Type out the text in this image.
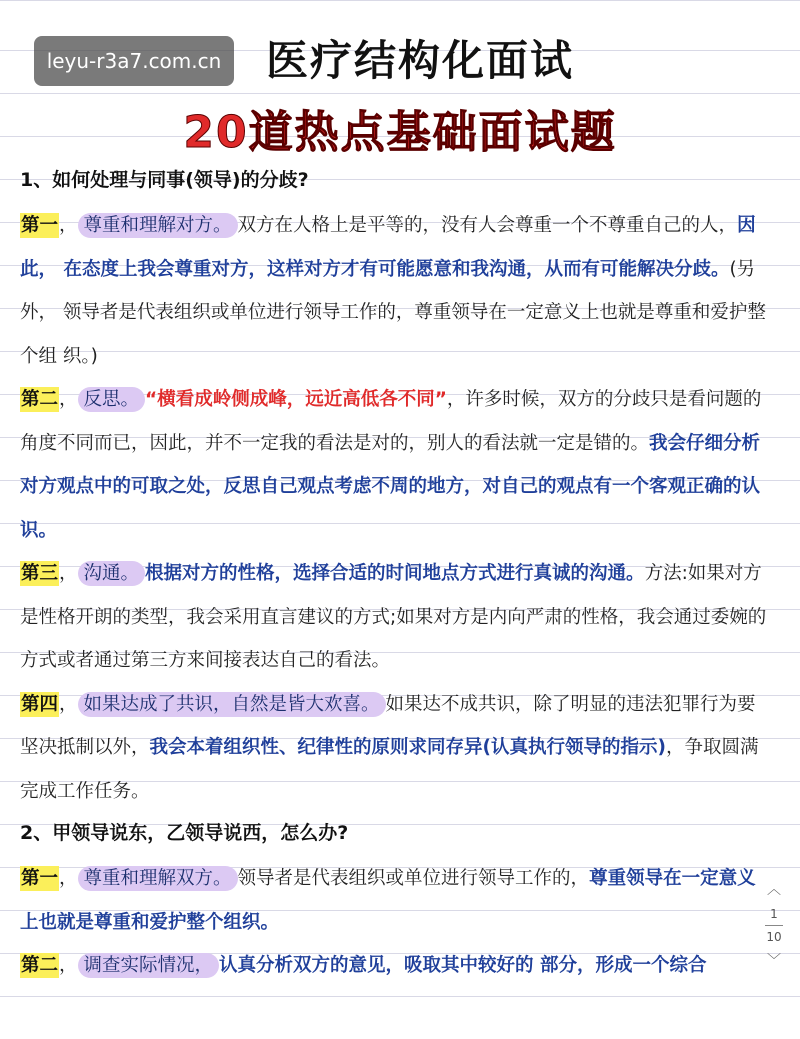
leyu-r3a7.com.cn	医疗结构化面试
20道热点基础面试题
1、如何处理与同事(领导)的分歧?

第一， 尊重和理解对方。 双方在人格上是平等的，没有人会尊重一个不尊重自己的人，因此， 在态度上我会尊重对方，这样对方才有可能愿意和我沟通，从而有可能解决分歧。(另外， 领导者是代表组织或单位进行领导工作的，尊重领导在一定意义上也就是尊重和爱护整个组 织。)

第二， 反思。 “横看成岭侧成峰，远近高低各不同”，许多时候，双方的分歧只是看问题的角度不同而已，因此，并不一定我的看法是对的，别人的看法就一定是错的。我会仔细分析对方观点中的可取之处，反思自己观点考虑不周的地方，对自己的观点有一个客观正确的认识。

第三， 沟通。 根据对方的性格，选择合适的时间地点方式进行真诚的沟通。方法:如果对方是性格开朗的类型，我会采用直言建议的方式;如果对方是内向严肃的性格，我会通过委婉的方式或者通过第三方来间接表达自己的看法。

第四， 如果达成了共识，自然是皆大欢喜。 如果达不成共识，除了明显的违法犯罪行为要坚决抵制以外，我会本着组织性、纪律性的原则求同存异(认真执行领导的指示)，争取圆满完成工作任务。

2、甲领导说东，乙领导说西，怎么办?

第一， 尊重和理解双方。 领导者是代表组织或单位进行领导工作的，尊重领导在一定意义上也就是尊重和爱护整个组织。

第二， 调查实际情况， 认真分析双方的意见，吸取其中较好的 部分，形成一个综合

︿
1
10
﹀
